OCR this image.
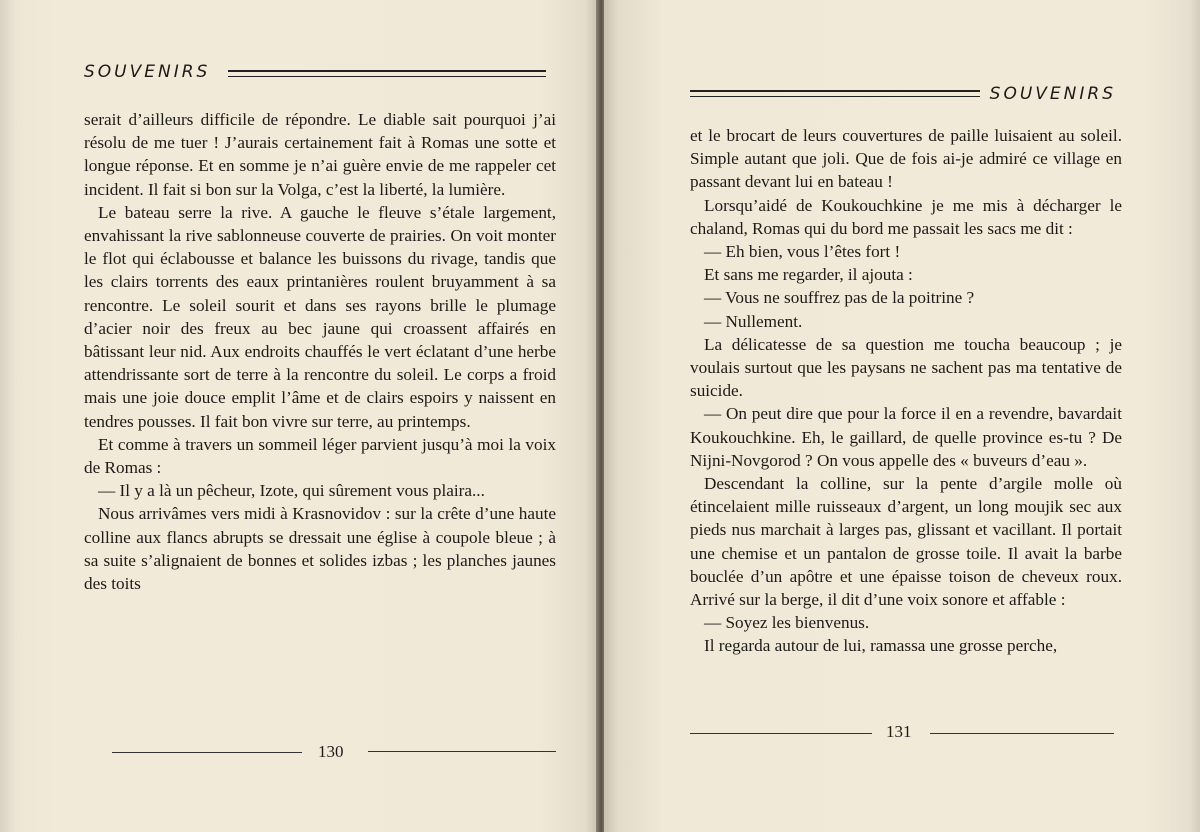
SOUVENIRS

serait d’ailleurs difficile de répondre. Le diable sait pourquoi j’ai résolu de me tuer ! J’aurais certainement fait à Romas une sotte et longue réponse. Et en somme je n’ai guère envie de me rappeler cet incident. Il fait si bon sur la Volga, c’est la liberté, la lumière.

Le bateau serre la rive. A gauche le fleuve s’étale largement, envahissant la rive sablonneuse couverte de prairies. On voit monter le flot qui éclabousse et balance les buissons du rivage, tandis que les clairs torrents des eaux printanières roulent bruyamment à sa rencontre. Le soleil sourit et dans ses rayons brille le plumage d’acier noir des freux au bec jaune qui croassent affairés en bâtissant leur nid. Aux endroits chauffés le vert éclatant d’une herbe attendrissante sort de terre à la rencontre du soleil. Le corps a froid mais une joie douce emplit l’âme et de clairs espoirs y naissent en tendres pousses. Il fait bon vivre sur terre, au printemps.

Et comme à travers un sommeil léger parvient jusqu’à moi la voix de Romas :

— Il y a là un pêcheur, Izote, qui sûrement vous plaira...

Nous arrivâmes vers midi à Krasnovidov : sur la crête d’une haute colline aux flancs abrupts se dressait une église à coupole bleue ; à sa suite s’alignaient de bonnes et solides izbas ; les planches jaunes des toits

130
SOUVENIRS

et le brocart de leurs couvertures de paille luisaient au soleil. Simple autant que joli. Que de fois ai-je admiré ce village en passant devant lui en bateau !

Lorsqu’aidé de Koukouchkine je me mis à décharger le chaland, Romas qui du bord me passait les sacs me dit :

— Eh bien, vous l’êtes fort !

Et sans me regarder, il ajouta :

— Vous ne souffrez pas de la poitrine ?

— Nullement.

La délicatesse de sa question me toucha beaucoup ; je voulais surtout que les paysans ne sachent pas ma tentative de suicide.

— On peut dire que pour la force il en a revendre, bavardait Koukouchkine. Eh, le gaillard, de quelle province es-tu ? De Nijni-Novgorod ? On vous appelle des « buveurs d’eau ».

Descendant la colline, sur la pente d’argile molle où étincelaient mille ruisseaux d’argent, un long moujik sec aux pieds nus marchait à larges pas, glissant et vacillant. Il portait une chemise et un pantalon de grosse toile. Il avait la barbe bouclée d’un apôtre et une épaisse toison de cheveux roux. Arrivé sur la berge, il dit d’une voix sonore et affable :

— Soyez les bienvenus.

Il regarda autour de lui, ramassa une grosse perche,

131
